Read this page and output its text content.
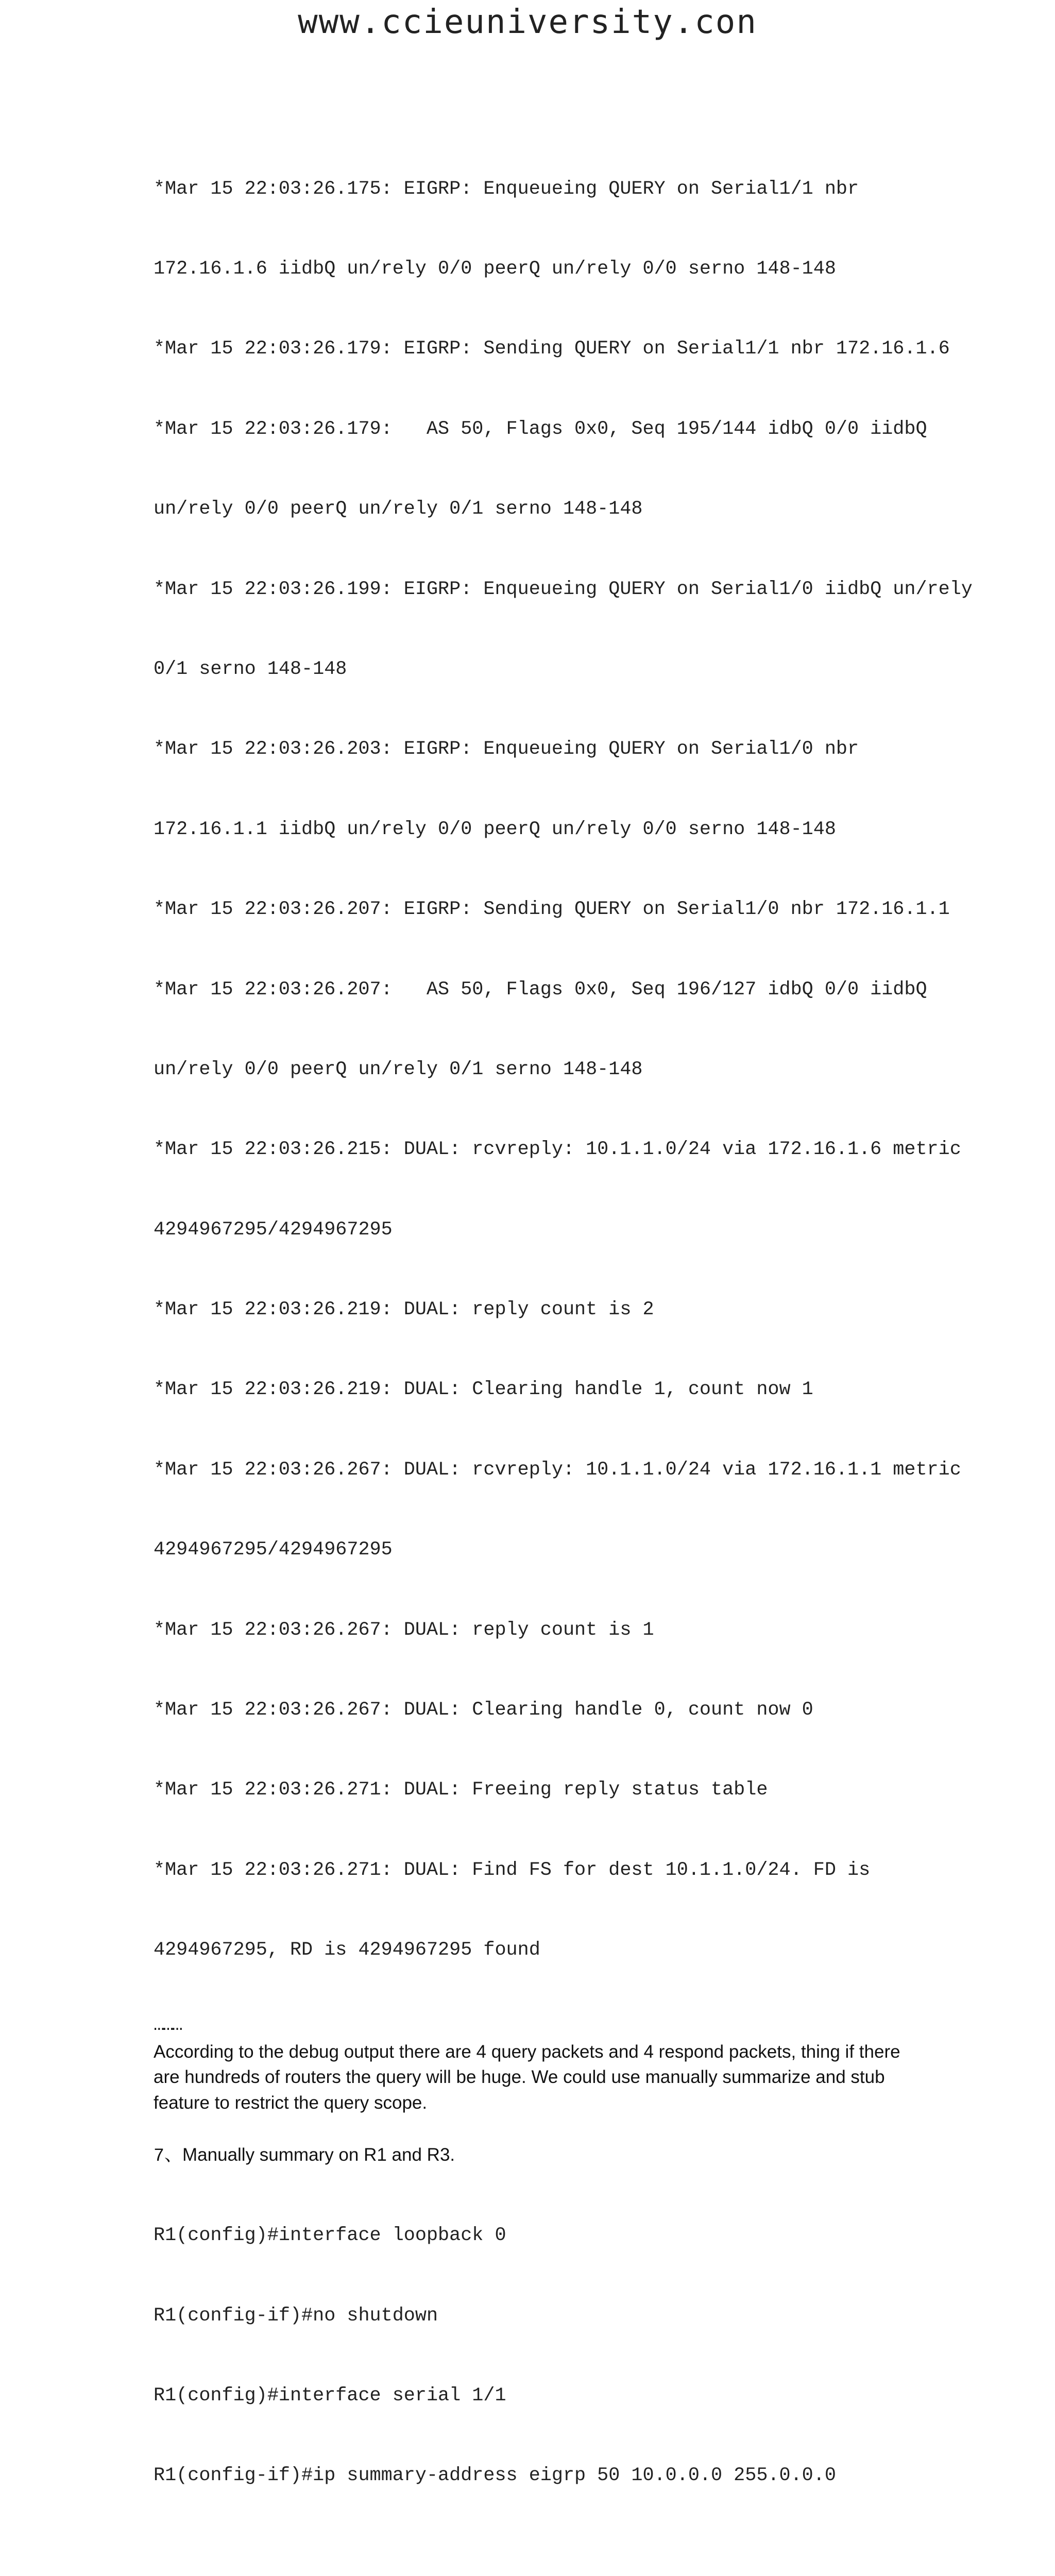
www.ccieuniversity.con

*Mar 15 22:03:26.175: EIGRP: Enqueueing QUERY on Serial1/1 nbr

172.16.1.6 iidbQ un/rely 0/0 peerQ un/rely 0/0 serno 148-148

*Mar 15 22:03:26.179: EIGRP: Sending QUERY on Serial1/1 nbr 172.16.1.6

*Mar 15 22:03:26.179:   AS 50, Flags 0x0, Seq 195/144 idbQ 0/0 iidbQ

un/rely 0/0 peerQ un/rely 0/1 serno 148-148

*Mar 15 22:03:26.199: EIGRP: Enqueueing QUERY on Serial1/0 iidbQ un/rely

0/1 serno 148-148

*Mar 15 22:03:26.203: EIGRP: Enqueueing QUERY on Serial1/0 nbr

172.16.1.1 iidbQ un/rely 0/0 peerQ un/rely 0/0 serno 148-148

*Mar 15 22:03:26.207: EIGRP: Sending QUERY on Serial1/0 nbr 172.16.1.1

*Mar 15 22:03:26.207:   AS 50, Flags 0x0, Seq 196/127 idbQ 0/0 iidbQ

un/rely 0/0 peerQ un/rely 0/1 serno 148-148

*Mar 15 22:03:26.215: DUAL: rcvreply: 10.1.1.0/24 via 172.16.1.6 metric

4294967295/4294967295

*Mar 15 22:03:26.219: DUAL: reply count is 2

*Mar 15 22:03:26.219: DUAL: Clearing handle 1, count now 1

*Mar 15 22:03:26.267: DUAL: rcvreply: 10.1.1.0/24 via 172.16.1.1 metric

4294967295/4294967295

*Mar 15 22:03:26.267: DUAL: reply count is 1

*Mar 15 22:03:26.267: DUAL: Clearing handle 0, count now 0

*Mar 15 22:03:26.271: DUAL: Freeing reply status table

*Mar 15 22:03:26.271: DUAL: Find FS for dest 10.1.1.0/24. FD is

4294967295, RD is 4294967295 found

………
According to the debug output there are 4 query packets and 4 respond packets, thing if there are hundreds of routers the query will be huge. We could use manually summarize and stub feature to restrict the query scope.
7、Manually summary on R1 and R3.

R1(config)#interface loopback 0

R1(config-if)#no shutdown

R1(config)#interface serial 1/1

R1(config-if)#ip summary-address eigrp 50 10.0.0.0 255.0.0.0
